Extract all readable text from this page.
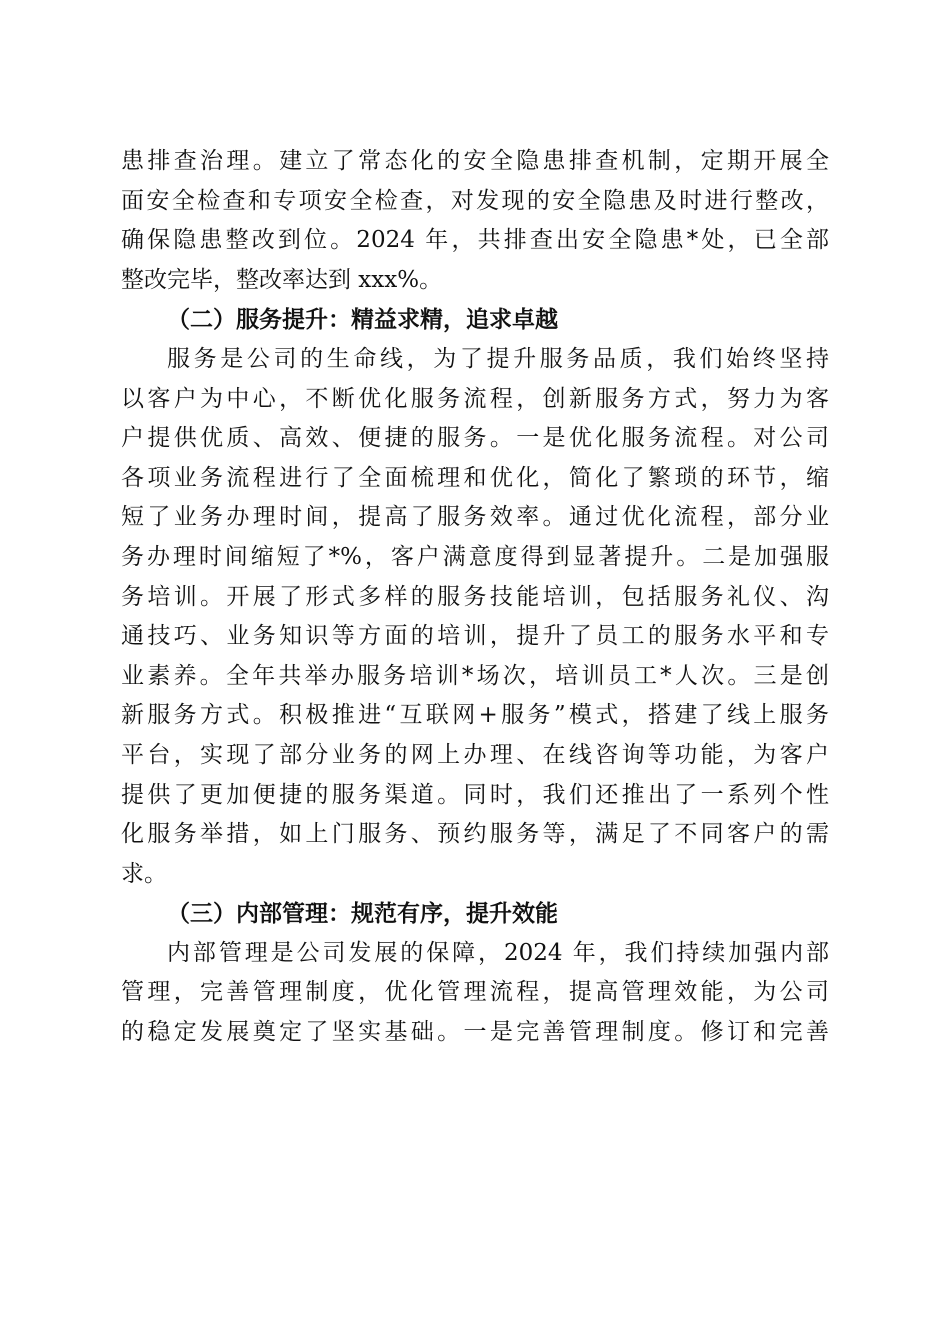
患排查治理。建立了常态化的安全隐患排查机制，定期开展全
面安全检查和专项安全检查，对发现的安全隐患及时进行整改，
确保隐患整改到位。2024 年，共排查出安全隐患*处，已全部
整改完毕，整改率达到 xxx%。
（二）服务提升：精益求精，追求卓越
服务是公司的生命线，为了提升服务品质，我们始终坚持
以客户为中心，不断优化服务流程，创新服务方式，努力为客
户提供优质、高效、便捷的服务。一是优化服务流程。对公司
各项业务流程进行了全面梳理和优化，简化了繁琐的环节，缩
短了业务办理时间，提高了服务效率。通过优化流程，部分业
务办理时间缩短了*%，客户满意度得到显著提升。二是加强服
务培训。开展了形式多样的服务技能培训，包括服务礼仪、沟
通技巧、业务知识等方面的培训，提升了员工的服务水平和专
业素养。全年共举办服务培训*场次，培训员工*人次。三是创
新服务方式。积极推进“互联网+服务”模式，搭建了线上服务
平台，实现了部分业务的网上办理、在线咨询等功能，为客户
提供了更加便捷的服务渠道。同时，我们还推出了一系列个性
化服务举措，如上门服务、预约服务等，满足了不同客户的需
求。
（三）内部管理：规范有序，提升效能
内部管理是公司发展的保障，2024 年，我们持续加强内部
管理，完善管理制度，优化管理流程，提高管理效能，为公司
的稳定发展奠定了坚实基础。一是完善管理制度。修订和完善
